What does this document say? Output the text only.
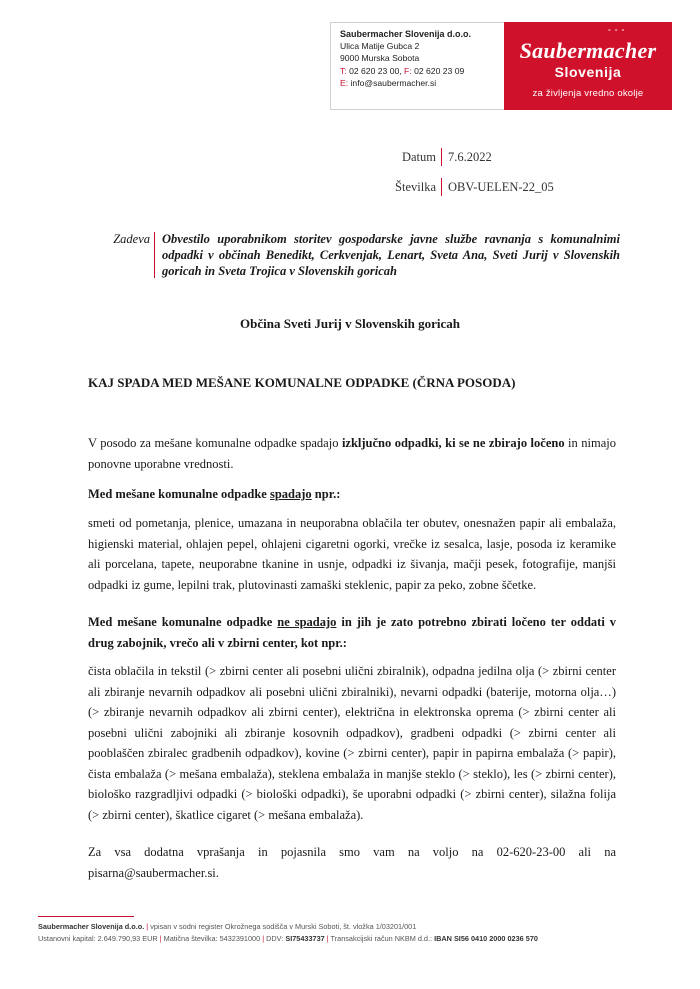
Saubermacher Slovenija d.o.o.
Ulica Matije Gubca 2
9000 Murska Sobota
T: 02 620 23 00, F: 02 620 23 09
E: info@saubermacher.si
° ° °
Saubermacher
Slovenija
za življenja vredno okolje
Datum 7.6.2022
Številka OBV-UELEN-22_05
Zadeva Obvestilo uporabnikom storitev gospodarske javne službe ravnanja s komunalnimi odpadki v občinah Benedikt, Cerkvenjak, Lenart, Sveta Ana, Sveti Jurij v Slovenskih goricah in Sveta Trojica v Slovenskih goricah
Občina Sveti Jurij v Slovenskih goricah
KAJ SPADA MED MEŠANE KOMUNALNE ODPADKE (ČRNA POSODA)
V posodo za mešane komunalne odpadke spadajo izključno odpadki, ki se ne zbirajo ločeno in nimajo ponovne uporabne vrednosti.
Med mešane komunalne odpadke spadajo npr.:
smeti od pometanja, plenice, umazana in neuporabna oblačila ter obutev, onesnažen papir ali embalaža, higienski material, ohlajen pepel, ohlajeni cigaretni ogorki, vrečke iz sesalca, lasje, posoda iz keramike ali porcelana, tapete, neuporabne tkanine in usnje, odpadki iz šivanja, mačji pesek, fotografije, manjši odpadki iz gume, lepilni trak, plutovinasti zamaški steklenic, papir za peko, zobne ščetke.
Med mešane komunalne odpadke ne spadajo in jih je zato potrebno zbirati ločeno ter oddati v drug zabojnik, vrečo ali v zbirni center, kot npr.:
čista oblačila in tekstil (> zbirni center ali posebni ulični zbiralnik), odpadna jedilna olja (> zbirni center ali zbiranje nevarnih odpadkov ali posebni ulični zbiralniki), nevarni odpadki (baterije, motorna olja…) (> zbiranje nevarnih odpadkov ali zbirni center), električna in elektronska oprema (> zbirni center ali posebni ulični zabojniki ali zbiranje kosovnih odpadkov), gradbeni odpadki (> zbirni center ali pooblaščen zbiralec gradbenih odpadkov), kovine (> zbirni center), papir in papirna embalaža (> papir), čista embalaža (> mešana embalaža), steklena embalaža in manjše steklo (> steklo), les (> zbirni center), biološko razgradljivi odpadki (> biološki odpadki), še uporabni odpadki (> zbirni center), silažna folija (> zbirni center), škatlice cigaret (> mešana embalaža).
Za vsa dodatna vprašanja in pojasnila smo vam na voljo na 02-620-23-00 ali na pisarna@saubermacher.si.
Saubermacher Slovenija d.o.o. | vpisan v sodni register Okrožnega sodišča v Murski Soboti, št. vložka 1/03201/001
Ustanovni kapital: 2.649.790,93 EUR | Matična številka: 5432391000 | DDV: SI75433737 | Transakcijski račun NKBM d.d.: IBAN SI56 0410 2000 0236 570
